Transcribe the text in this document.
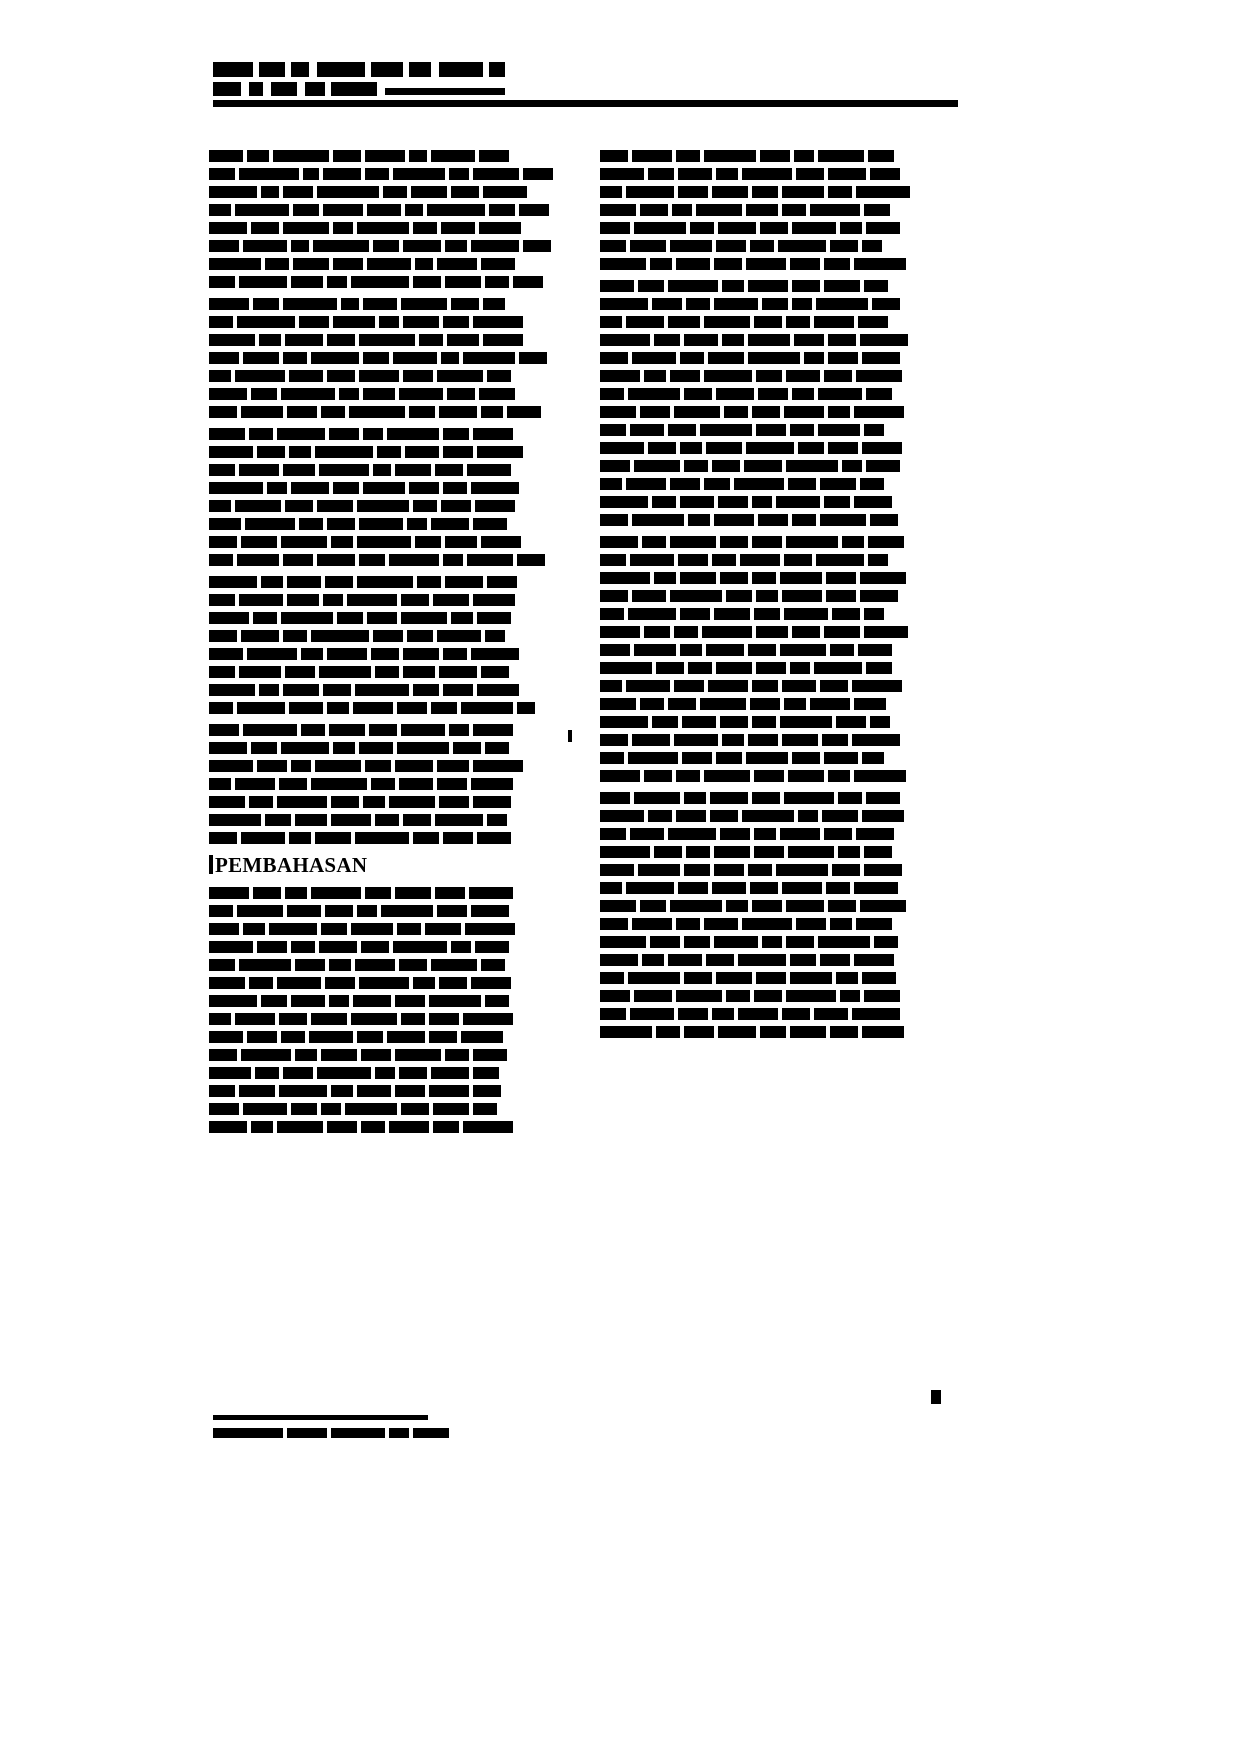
PEMBAHASAN
